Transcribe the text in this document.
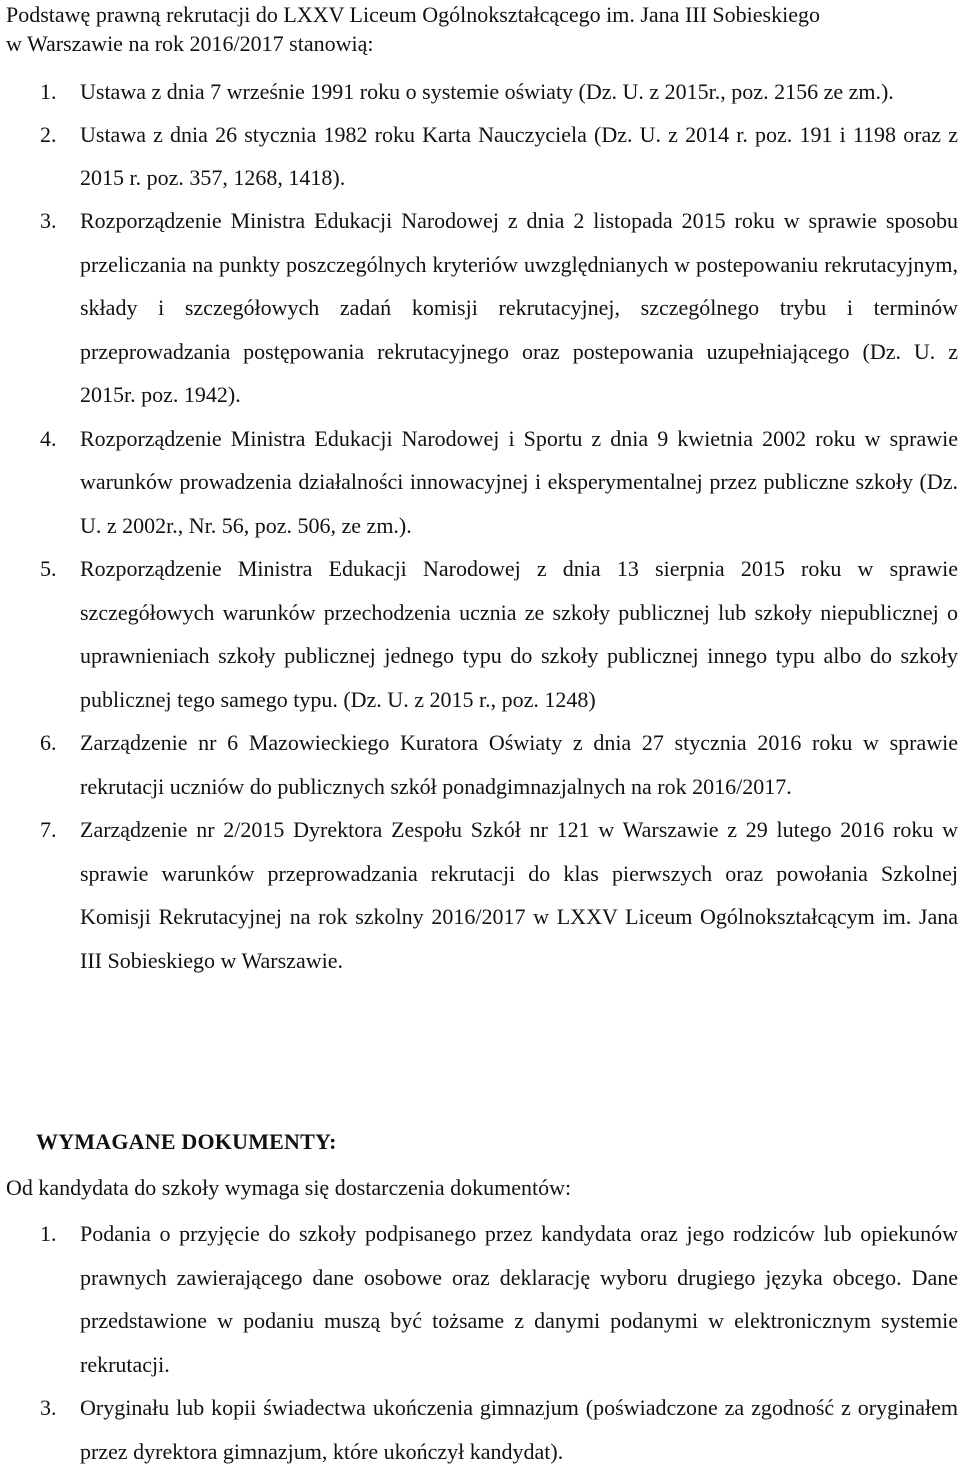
Podstawę prawną rekrutacji do LXXV Liceum Ogólnokształcącego im. Jana III Sobieskiego
w Warszawie na rok 2016/2017 stanowią:

1. Ustawa z dnia 7 wrześnie 1991 roku o systemie oświaty (Dz. U. z 2015r., poz. 2156 ze zm.).
2. Ustawa z dnia 26 stycznia 1982 roku Karta Nauczyciela (Dz. U. z 2014 r. poz. 191 i 1198 oraz z 2015 r. poz. 357, 1268, 1418).
3. Rozporządzenie Ministra Edukacji Narodowej z dnia 2 listopada 2015 roku w sprawie sposobu przeliczania na punkty poszczególnych kryteriów uwzględnianych w postepowaniu rekrutacyjnym, składy i szczegółowych zadań komisji rekrutacyjnej, szczególnego trybu i terminów przeprowadzania postępowania rekrutacyjnego oraz postepowania uzupełniającego (Dz. U. z 2015r. poz. 1942).
4. Rozporządzenie Ministra Edukacji Narodowej i Sportu z dnia 9 kwietnia 2002 roku w sprawie warunków prowadzenia działalności innowacyjnej i eksperymentalnej przez publiczne szkoły (Dz. U. z 2002r., Nr. 56, poz. 506, ze zm.).
5. Rozporządzenie Ministra Edukacji Narodowej z dnia 13 sierpnia 2015 roku w sprawie szczegółowych warunków przechodzenia ucznia ze szkoły publicznej lub szkoły niepublicznej o uprawnieniach szkoły publicznej jednego typu do szkoły publicznej innego typu albo do szkoły publicznej tego samego typu. (Dz. U. z 2015 r., poz. 1248)
6. Zarządzenie nr 6 Mazowieckiego Kuratora Oświaty z dnia 27 stycznia 2016 roku w sprawie rekrutacji uczniów do publicznych szkół ponadgimnazjalnych na rok 2016/2017.
7. Zarządzenie nr 2/2015 Dyrektora Zespołu Szkół nr 121 w Warszawie z 29 lutego 2016 roku w sprawie warunków przeprowadzania rekrutacji do klas pierwszych oraz powołania Szkolnej Komisji Rekrutacyjnej na rok szkolny 2016/2017 w LXXV Liceum Ogólnokształcącym im. Jana III Sobieskiego w Warszawie.
WYMAGANE DOKUMENTY:

Od kandydata do szkoły wymaga się dostarczenia dokumentów:

1. Podania o przyjęcie do szkoły podpisanego przez kandydata oraz jego rodziców lub opiekunów prawnych zawierającego dane osobowe oraz deklarację wyboru drugiego języka obcego. Dane przedstawione w podaniu muszą być tożsame z danymi podanymi w elektronicznym systemie rekrutacji.
3. Oryginału lub kopii świadectwa ukończenia gimnazjum (poświadczone za zgodność z oryginałem przez dyrektora gimnazjum, które ukończył kandydat).
